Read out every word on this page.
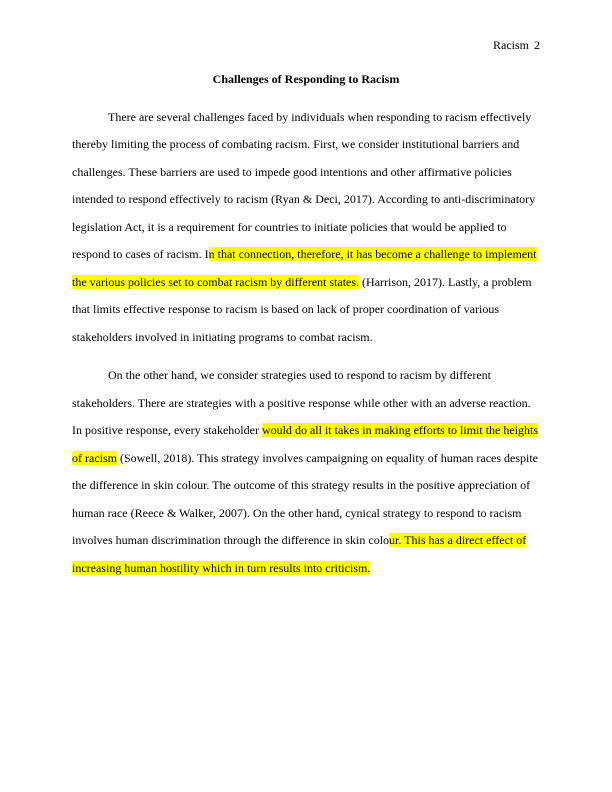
Racism 2
Challenges of Responding to Racism
There are several challenges faced by individuals when responding to racism effectively
thereby limiting the process of combating racism. First, we consider institutional barriers and
challenges. These barriers are used to impede good intentions and other affirmative policies
intended to respond effectively to racism (Ryan & Deci, 2017). According to anti-discriminatory
legislation Act, it is a requirement for countries to initiate policies that would be applied to
respond to cases of racism. In that connection, therefore, it has become a challenge to implement
the various policies set to combat racism by different states. (Harrison, 2017). Lastly, a problem
that limits effective response to racism is based on lack of proper coordination of various
stakeholders involved in initiating programs to combat racism.
On the other hand, we consider strategies used to respond to racism by different
stakeholders. There are strategies with a positive response while other with an adverse reaction.
In positive response, every stakeholder would do all it takes in making efforts to limit the heights
of racism (Sowell, 2018). This strategy involves campaigning on equality of human races despite
the difference in skin colour. The outcome of this strategy results in the positive appreciation of
human race (Reece & Walker, 2007). On the other hand, cynical strategy to respond to racism
involves human discrimination through the difference in skin colour. This has a direct effect of
increasing human hostility which in turn results into criticism.
